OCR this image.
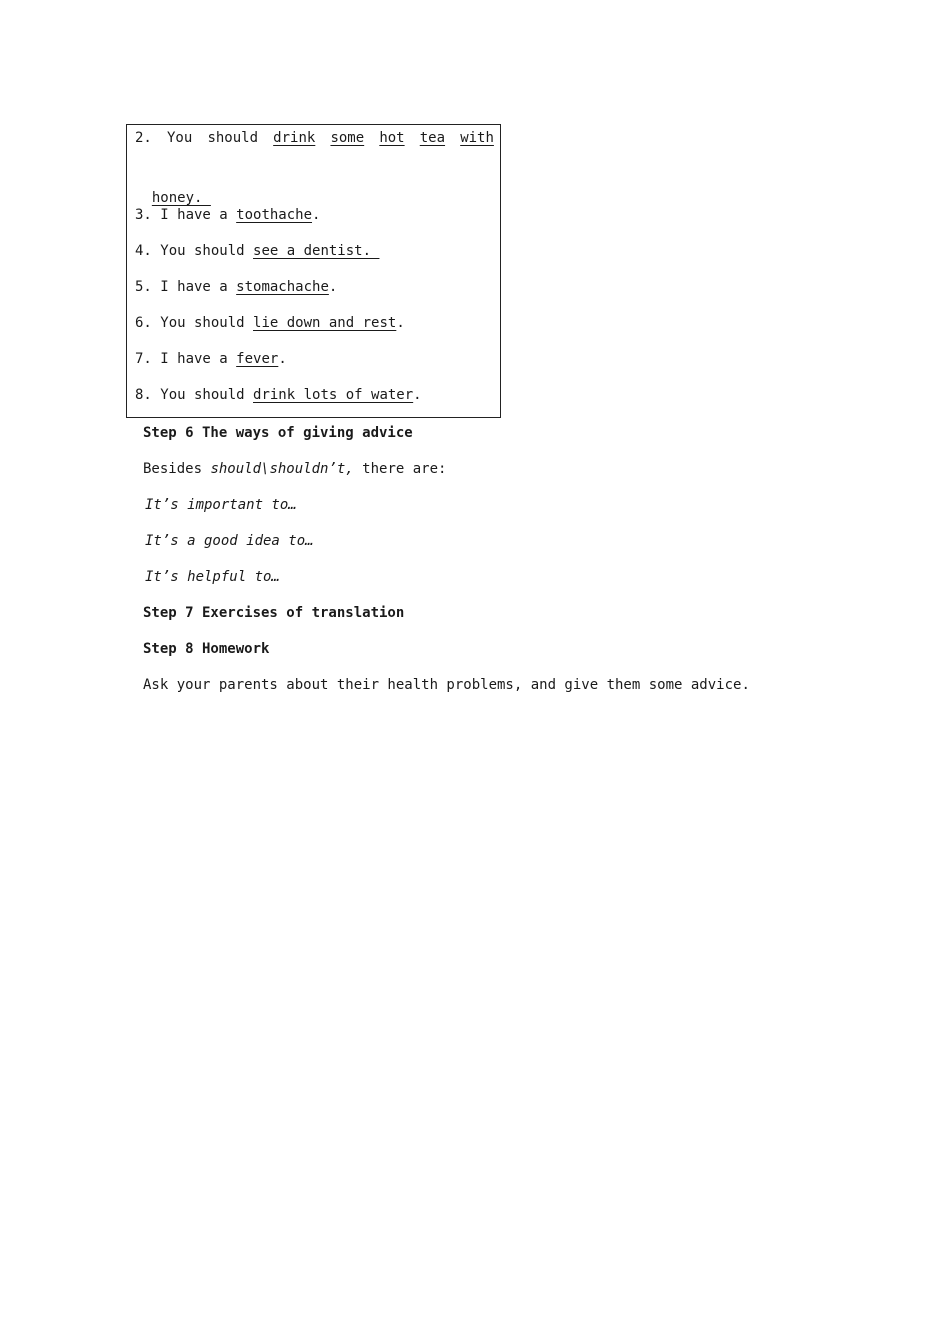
2. You should drink some hot tea with

honey.

3. I have a toothache.
4. You should see a dentist.
5. I have a stomachache.
6. You should lie down and rest.
7. I have a fever.
8. You should drink lots of water.
Step 6 The ways of giving advice
Besides should\shouldn’t, there are:
It’s important to…
It’s a good idea to…
It’s helpful to…
Step 7 Exercises of translation
Step 8 Homework
Ask your parents about their health problems, and give them some advice.
